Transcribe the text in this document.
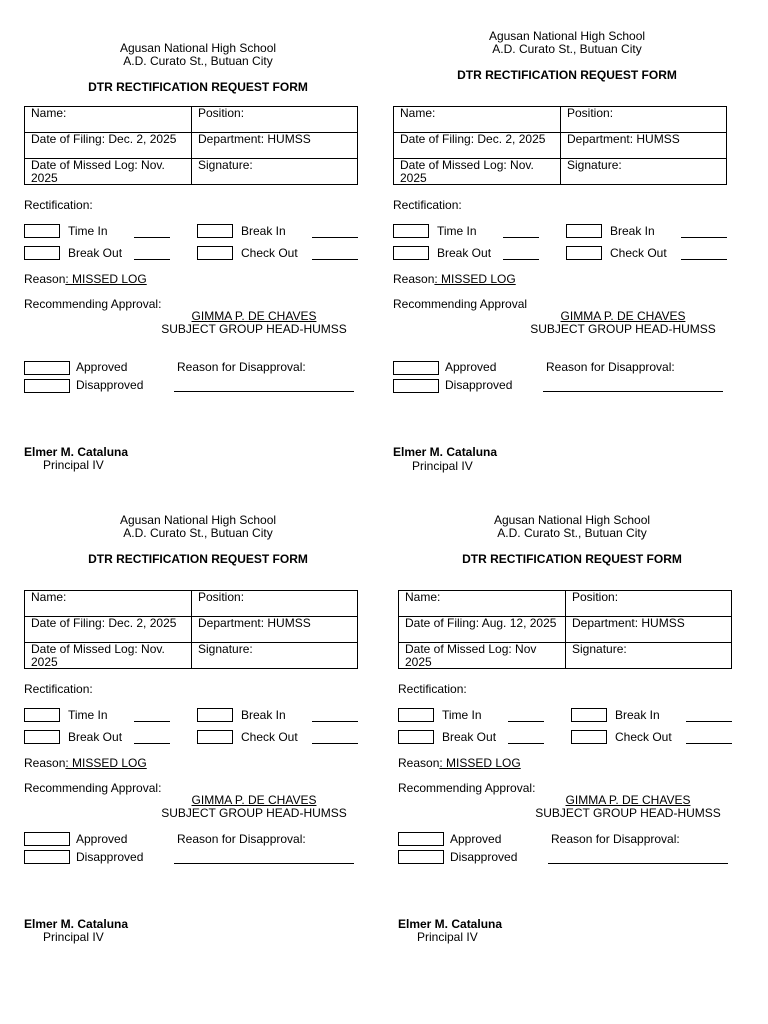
Agusan National High School
A.D. Curato St., Butuan City
DTR RECTIFICATION REQUEST FORM
Name:	Position:
Date of Filing: Dec. 2, 2025	Department: HUMSS

Date of Missed Log: Nov.
2025	Signature:
Rectification:
Time In	Break In
Break Out	Check Out
Reason: MISSED LOG
Recommending Approval:
GIMMA P. DE CHAVES
SUBJECT GROUP HEAD-HUMSS
Approved	Reason for Disapproval:
Disapproved
Elmer M. Cataluna
Principal IV
Agusan National High School
A.D. Curato St., Butuan City
DTR RECTIFICATION REQUEST FORM
Name:	Position:
Date of Filing: Dec. 2, 2025	Department: HUMSS

Date of Missed Log: Nov.
2025	Signature:
Rectification:
Time In	Break In
Break Out	Check Out
Reason: MISSED LOG
Recommending Approval
GIMMA P. DE CHAVES
SUBJECT GROUP HEAD-HUMSS
Approved	Reason for Disapproval:
Disapproved
Elmer M. Cataluna
Principal IV
Agusan National High School
A.D. Curato St., Butuan City
DTR RECTIFICATION REQUEST FORM
Name:	Position:
Date of Filing: Dec. 2, 2025	Department: HUMSS

Date of Missed Log: Nov.
2025	Signature:
Rectification:
Time In	Break In
Break Out	Check Out
Reason: MISSED LOG
Recommending Approval:
GIMMA P. DE CHAVES
SUBJECT GROUP HEAD-HUMSS
Approved	Reason for Disapproval:
Disapproved
Elmer M. Cataluna
Principal IV
Agusan National High School
A.D. Curato St., Butuan City
DTR RECTIFICATION REQUEST FORM
Name:	Position:
Date of Filing: Aug. 12, 2025	Department: HUMSS

Date of Missed Log: Nov
2025	Signature:
Rectification:
Time In	Break In
Break Out	Check Out
Reason: MISSED LOG
Recommending Approval:
GIMMA P. DE CHAVES
SUBJECT GROUP HEAD-HUMSS
Approved	Reason for Disapproval:
Disapproved
Elmer M. Cataluna
Principal IV
